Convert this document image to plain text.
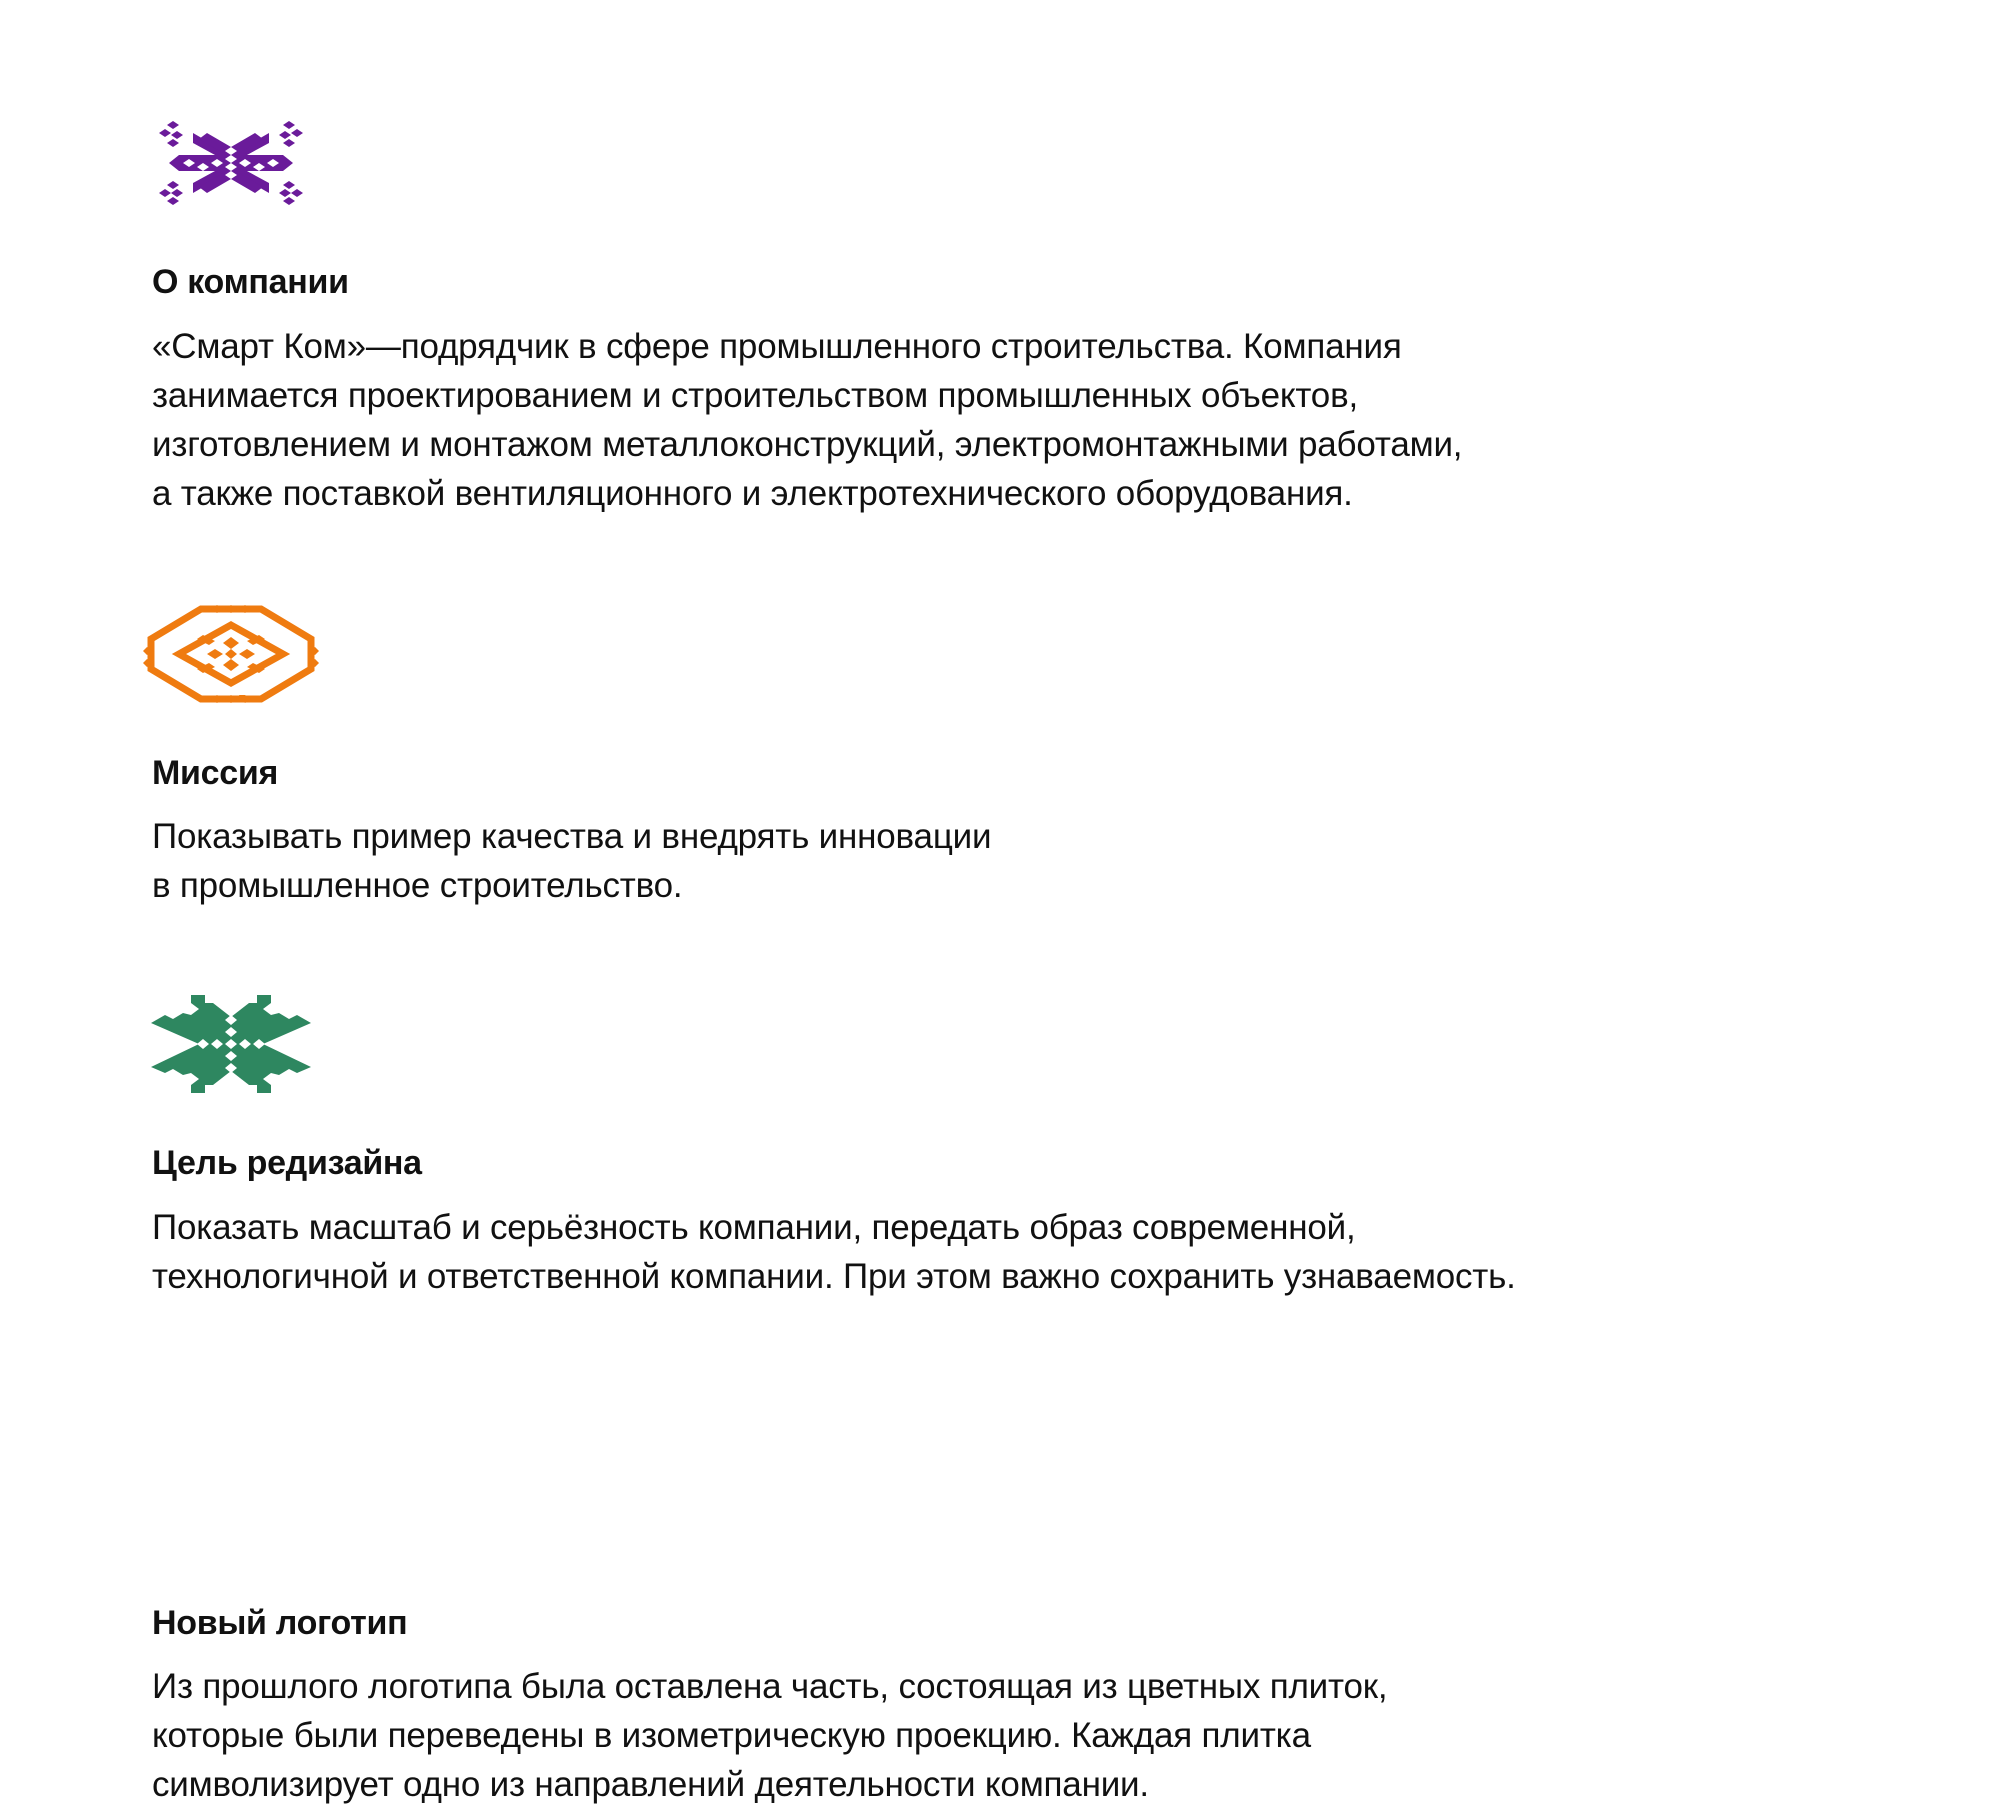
О компании

«Смарт Ком»—подрядчик в сфере промышленного строительства. Компания
занимается проектированием и строительством промышленных объектов,
изготовлением и монтажом металлоконструкций, электромонтажными работами,
а также поставкой вентиляционного и электротехнического оборудования.

Миссия

Показывать пример качества и внедрять инновации
в промышленное строительство.

Цель редизайна

Показать масштаб и серьёзность компании, передать образ современной,
технологичной и ответственной компании. При этом важно сохранить узнаваемость.

Новый логотип

Из прошлого логотипа была оставлена часть, состоящая из цветных плиток,
которые были переведены в изометрическую проекцию. Каждая плитка
символизирует одно из направлений деятельности компании.
